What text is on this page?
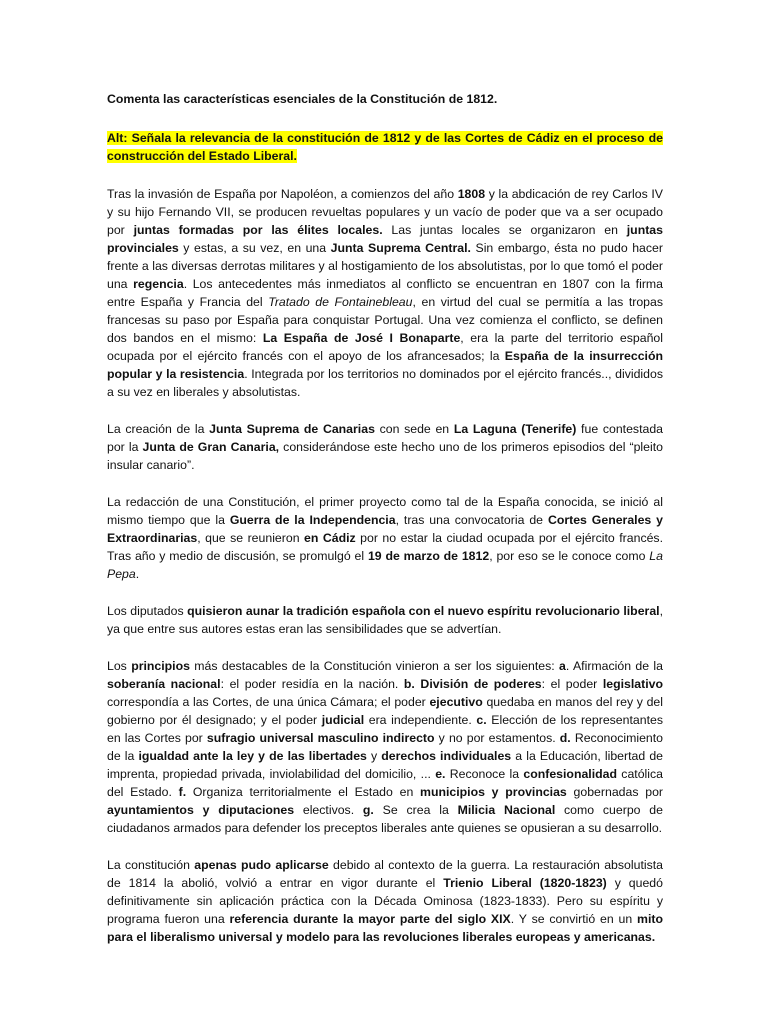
Comenta las características esenciales de la Constitución de 1812.

Alt: Señala la relevancia de la constitución de 1812 y de las Cortes de Cádiz en el proceso de construcción del Estado Liberal.

Tras la invasión de España por Napoléon, a comienzos del año 1808 y la abdicación de rey Carlos IV y su hijo Fernando VII, se producen revueltas populares y un vacío de poder que va a ser ocupado por juntas formadas por las élites locales. Las juntas locales se organizaron en juntas provinciales y estas, a su vez, en una Junta Suprema Central. Sin embargo, ésta no pudo hacer frente a las diversas derrotas militares y al hostigamiento de los absolutistas, por lo que tomó el poder una regencia. Los antecedentes más inmediatos al conflicto se encuentran en 1807 con la firma entre España y Francia del Tratado de Fontainebleau, en virtud del cual se permitía a las tropas francesas su paso por España para conquistar Portugal. Una vez comienza el conflicto, se definen dos bandos en el mismo: La España de José I Bonaparte, era la parte del territorio español ocupada por el ejército francés con el apoyo de los afrancesados; la España de la insurrección popular y la resistencia. Integrada por los territorios no dominados por el ejército francés.., divididos a su vez en liberales y absolutistas.

La creación de la Junta Suprema de Canarias con sede en La Laguna (Tenerife) fue contestada por la Junta de Gran Canaria, considerándose este hecho uno de los primeros episodios del “pleito insular canario”.

La redacción de una Constitución, el primer proyecto como tal de la España conocida, se inició al mismo tiempo que la Guerra de la Independencia, tras una convocatoria de Cortes Generales y Extraordinarias, que se reunieron en Cádiz por no estar la ciudad ocupada por el ejército francés. Tras año y medio de discusión, se promulgó el 19 de marzo de 1812, por eso se le conoce como La Pepa.

Los diputados quisieron aunar la tradición española con el nuevo espíritu revolucionario liberal, ya que entre sus autores estas eran las sensibilidades que se advertían.

Los principios más destacables de la Constitución vinieron a ser los siguientes: a. Afirmación de la soberanía nacional: el poder residía en la nación. b. División de poderes: el poder legislativo correspondía a las Cortes, de una única Cámara; el poder ejecutivo quedaba en manos del rey y del gobierno por él designado; y el poder judicial era independiente. c. Elección de los representantes en las Cortes por sufragio universal masculino indirecto y no por estamentos. d. Reconocimiento de la igualdad ante la ley y de las libertades y derechos individuales a la Educación, libertad de imprenta, propiedad privada, inviolabilidad del domicilio, ... e. Reconoce la confesionalidad católica del Estado. f. Organiza territorialmente el Estado en municipios y provincias gobernadas por ayuntamientos y diputaciones electivos. g. Se crea la Milicia Nacional como cuerpo de ciudadanos armados para defender los preceptos liberales ante quienes se opusieran a su desarrollo.

La constitución apenas pudo aplicarse debido al contexto de la guerra. La restauración absolutista de 1814 la abolió, volvió a entrar en vigor durante el Trienio Liberal (1820-1823) y quedó definitivamente sin aplicación práctica con la Década Ominosa (1823-1833). Pero su espíritu y programa fueron una referencia durante la mayor parte del siglo XIX. Y se convirtió en un mito para el liberalismo universal y modelo para las revoluciones liberales europeas y americanas.
